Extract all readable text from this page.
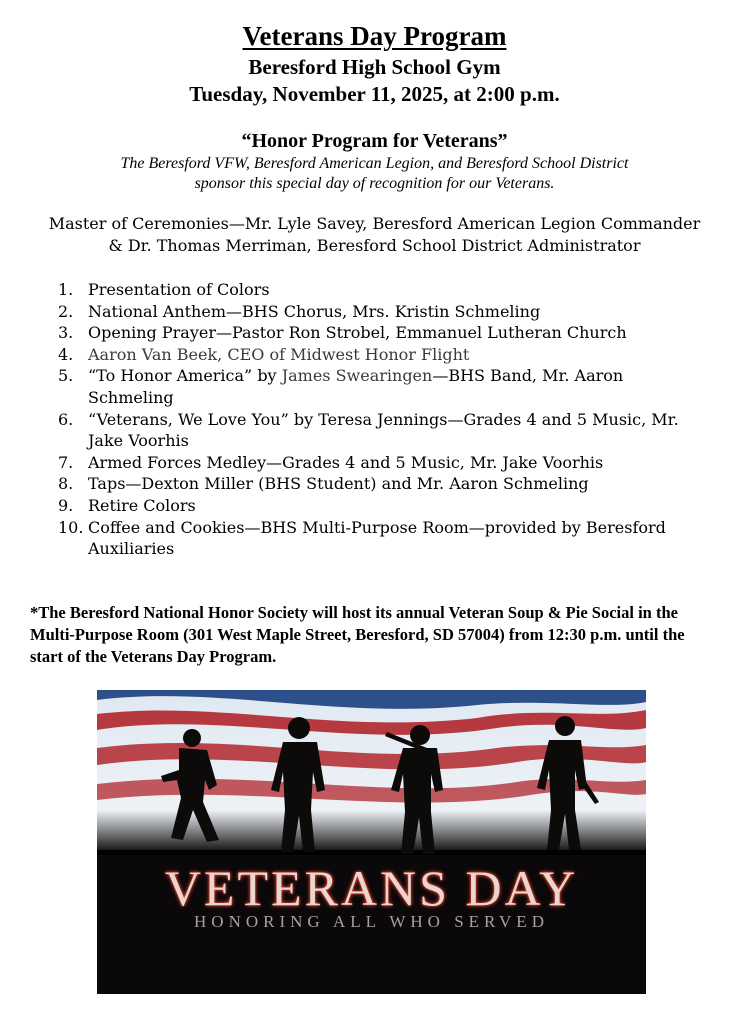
Veterans Day Program
Beresford High School Gym
Tuesday, November 11, 2025, at 2:00 p.m.
“Honor Program for Veterans”
The Beresford VFW, Beresford American Legion, and Beresford School District
sponsor this special day of recognition for our Veterans.
Master of Ceremonies—Mr. Lyle Savey, Beresford American Legion Commander
& Dr. Thomas Merriman, Beresford School District Administrator
1. Presentation of Colors
2. National Anthem—BHS Chorus, Mrs. Kristin Schmeling
3. Opening Prayer—Pastor Ron Strobel, Emmanuel Lutheran Church
4. Aaron Van Beek, CEO of Midwest Honor Flight
5. “To Honor America” by James Swearingen—BHS Band, Mr. Aaron Schmeling
6. “Veterans, We Love You” by Teresa Jennings—Grades 4 and 5 Music, Mr. Jake Voorhis
7. Armed Forces Medley—Grades 4 and 5 Music, Mr. Jake Voorhis
8. Taps—Dexton Miller (BHS Student) and Mr. Aaron Schmeling
9. Retire Colors
10. Coffee and Cookies—BHS Multi-Purpose Room—provided by Beresford Auxiliaries
*The Beresford National Honor Society will host its annual Veteran Soup & Pie Social in the Multi-Purpose Room (301 West Maple Street, Beresford, SD 57004) from 12:30 p.m. until the start of the Veterans Day Program.
VETERANS DAY
HONORING ALL WHO SERVED
